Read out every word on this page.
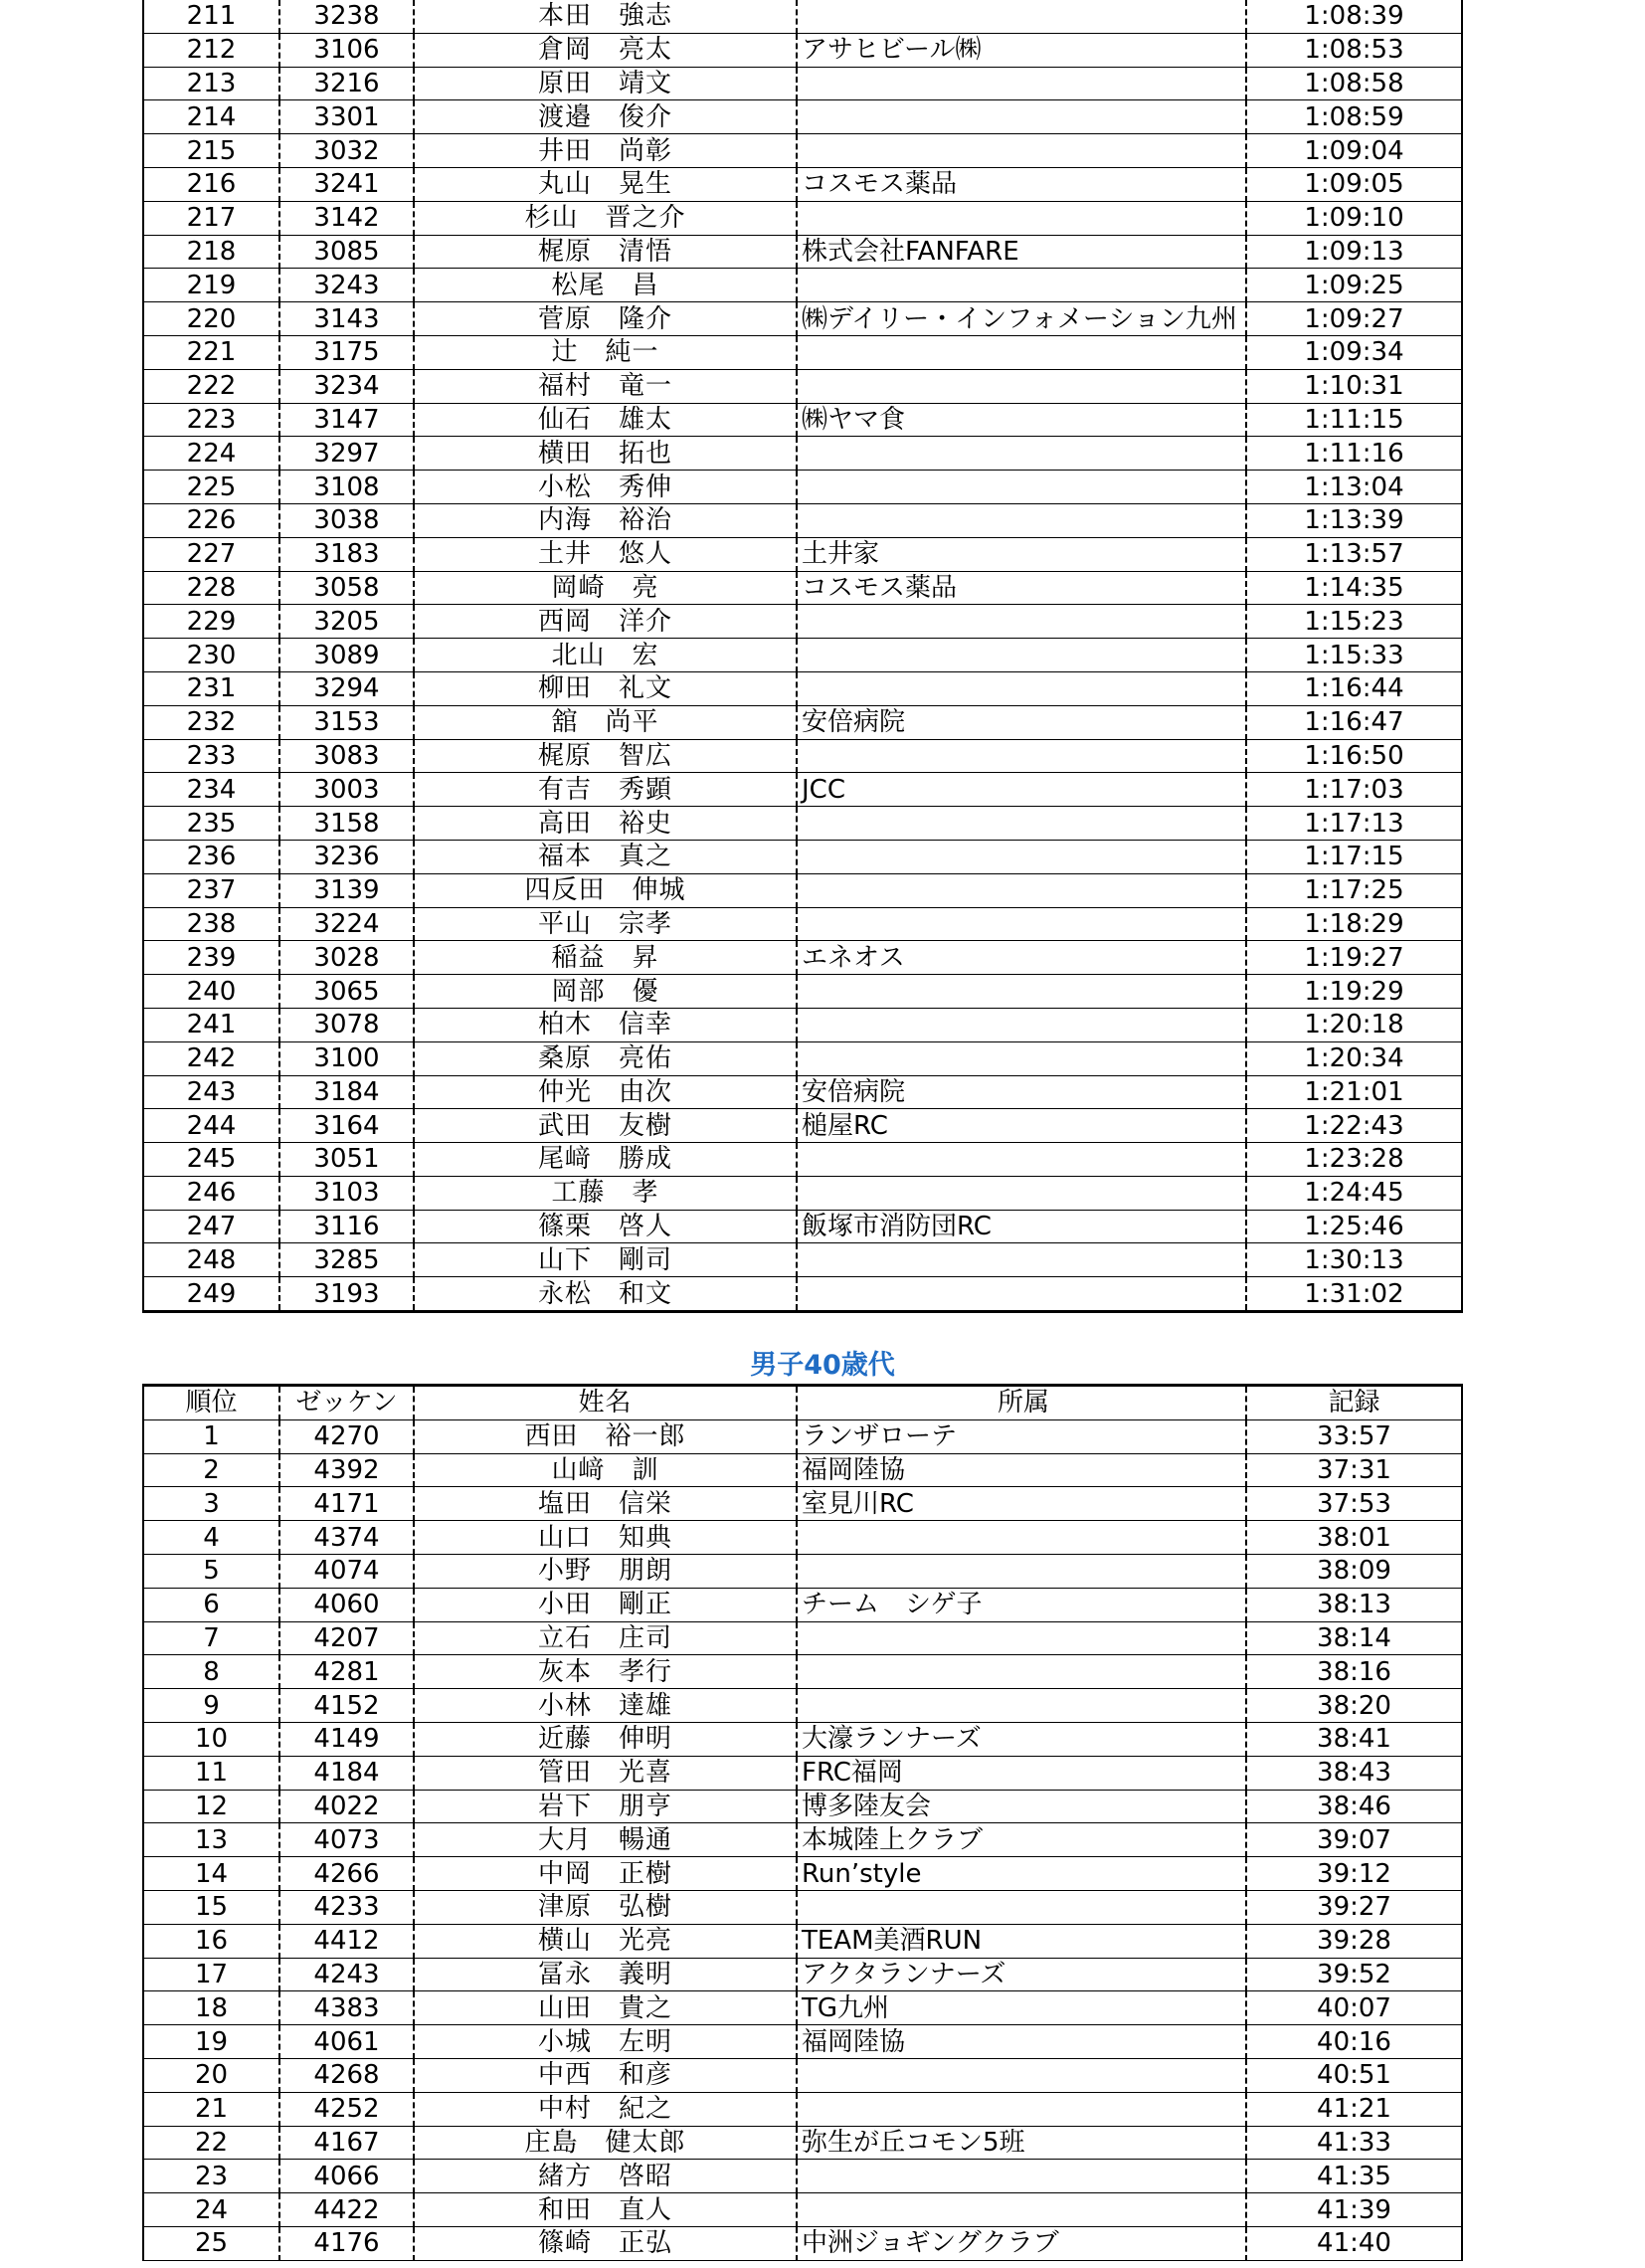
211	3238	本田　強志		1:08:39
212	3106	倉岡　亮太	アサヒビール㈱	1:08:53
213	3216	原田　靖文		1:08:58
214	3301	渡邉　俊介		1:08:59
215	3032	井田　尚彰		1:09:04
216	3241	丸山　晃生	コスモス薬品	1:09:05
217	3142	杉山　晋之介		1:09:10
218	3085	梶原　清悟	株式会社FANFARE	1:09:13
219	3243	松尾　昌		1:09:25
220	3143	菅原　隆介	㈱デイリー・インフォメーション九州	1:09:27
221	3175	辻　純一		1:09:34
222	3234	福村　竜一		1:10:31
223	3147	仙石　雄太	㈱ヤマ食	1:11:15
224	3297	横田　拓也		1:11:16
225	3108	小松　秀伸		1:13:04
226	3038	内海　裕治		1:13:39
227	3183	土井　悠人	土井家	1:13:57
228	3058	岡崎　亮	コスモス薬品	1:14:35
229	3205	西岡　洋介		1:15:23
230	3089	北山　宏		1:15:33
231	3294	柳田　礼文		1:16:44
232	3153	舘　尚平	安倍病院	1:16:47
233	3083	梶原　智広		1:16:50
234	3003	有吉　秀顕	JCC	1:17:03
235	3158	高田　裕史		1:17:13
236	3236	福本　真之		1:17:15
237	3139	四反田　伸城		1:17:25
238	3224	平山　宗孝		1:18:29
239	3028	稲益　昇	エネオス	1:19:27
240	3065	岡部　優		1:19:29
241	3078	柏木　信幸		1:20:18
242	3100	桑原　亮佑		1:20:34
243	3184	仲光　由次	安倍病院	1:21:01
244	3164	武田　友樹	槌屋RC	1:22:43
245	3051	尾﨑　勝成		1:23:28
246	3103	工藤　孝		1:24:45
247	3116	篠栗　啓人	飯塚市消防団RC	1:25:46
248	3285	山下　剛司		1:30:13
249	3193	永松　和文		1:31:02
男子40歳代
順位	ゼッケン	姓名	所属	記録
1	4270	西田　裕一郎	ランザローテ	33:57
2	4392	山﨑　訓	福岡陸協	37:31
3	4171	塩田　信栄	室見川RC	37:53
4	4374	山口　知典		38:01
5	4074	小野　朋朗		38:09
6	4060	小田　剛正	チーム　シゲ子	38:13
7	4207	立石　庄司		38:14
8	4281	灰本　孝行		38:16
9	4152	小林　達雄		38:20
10	4149	近藤　伸明	大濠ランナーズ	38:41
11	4184	管田　光喜	FRC福岡	38:43
12	4022	岩下　朋亨	博多陸友会	38:46
13	4073	大月　暢通	本城陸上クラブ	39:07
14	4266	中岡　正樹	Run’style	39:12
15	4233	津原　弘樹		39:27
16	4412	横山　光亮	TEAM美酒RUN	39:28
17	4243	冨永　義明	アクタランナーズ	39:52
18	4383	山田　貴之	TG九州	40:07
19	4061	小城　左明	福岡陸協	40:16
20	4268	中西　和彦		40:51
21	4252	中村　紀之		41:21
22	4167	庄島　健太郎	弥生が丘コモン5班	41:33
23	4066	緒方　啓昭		41:35
24	4422	和田　直人		41:39
25	4176	篠崎　正弘	中洲ジョギングクラブ	41:40
